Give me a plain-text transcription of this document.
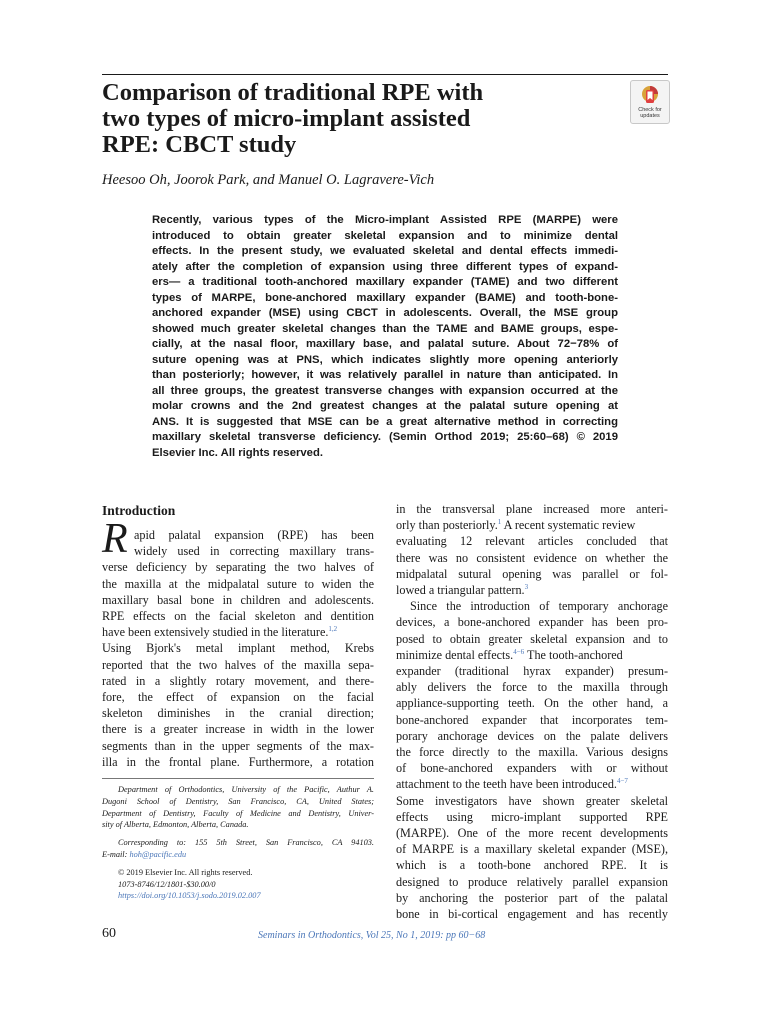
Comparison of traditional RPE with
two types of micro-implant assisted
RPE: CBCT study
Check for
updates
Heesoo Oh, Joorok Park, and Manuel O. Lagravere-Vich
Recently, various types of the Micro-implant Assisted RPE (MARPE) were
introduced to obtain greater skeletal expansion and to minimize dental
effects. In the present study, we evaluated skeletal and dental effects immedi-
ately after the completion of expansion using three different types of expand-
ers— a traditional tooth-anchored maxillary expander (TAME) and two different
types of MARPE, bone-anchored maxillary expander (BAME) and tooth-bone-
anchored expander (MSE) using CBCT in adolescents. Overall, the MSE group
showed much greater skeletal changes than the TAME and BAME groups, espe-
cially, at the nasal floor, maxillary base, and palatal suture. About 72−78% of
suture opening was at PNS, which indicates slightly more opening anteriorly
than posteriorly; however, it was relatively parallel in nature than anticipated. In
all three groups, the greatest transverse changes with expansion occurred at the
molar crowns and the 2nd greatest changes at the palatal suture opening at
ANS. It is suggested that MSE can be a great alternative method in correcting
maxillary skeletal transverse deficiency. (Semin Orthod 2019; 25:60–68) © 2019
Elsevier Inc. All rights reserved.
Introduction
R apid palatal expansion (RPE) has been
widely used in correcting maxillary trans-
verse deficiency by separating the two halves of
the maxilla at the midpalatal suture to widen the
maxillary basal bone in children and adolescents.
RPE effects on the facial skeleton and dentition
have been extensively studied in the literature.$^{1,2}$
Using Bjork's metal implant method, Krebs
reported that the two halves of the maxilla sepa-
rated in a slightly rotary movement, and there-
fore, the effect of expansion on the facial
skeleton diminishes in the cranial direction;
there is a greater increase in width in the lower
segments than in the upper segments of the max-
illa in the frontal plane. Furthermore, a rotation
in the transversal plane increased more anteri-
orly than posteriorly.$^1$ A recent systematic review
evaluating 12 relevant articles concluded that
there was no consistent evidence on whether the
midpalatal sutural opening was parallel or fol-
lowed a triangular pattern.$^3$
Since the introduction of temporary anchorage
devices, a bone-anchored expander has been pro-
posed to obtain greater skeletal expansion and to
minimize dental effects.$^{4-6}$ The tooth-anchored
expander (traditional hyrax expander) presum-
ably delivers the force to the maxilla through
appliance-supporting teeth. On the other hand, a
bone-anchored expander that incorporates tem-
porary anchorage devices on the palate delivers
the force directly to the maxilla. Various designs
of bone-anchored expanders with or without
attachment to the teeth have been introduced.$^{4-7}$
Some investigators have shown greater skeletal
effects using micro-implant supported RPE
(MARPE). One of the more recent developments
of MARPE is a maxillary skeletal expander (MSE),
which is a tooth-bone anchored RPE. It is
designed to produce relatively parallel expansion
by anchoring the posterior part of the palatal
bone in bi-cortical engagement and has recently
Department of Orthodontics, University of the Pacific, Authur A.
Dugoni School of Dentistry, San Francisco, CA, United States;
Department of Dentistry, Faculty of Medicine and Dentistry, Univer-
sity of Alberta, Edmonton, Alberta, Canada.
Corresponding to: 155 5th Street, San Francisco, CA 94103.
E-mail: hoh@pacific.edu
© 2019 Elsevier Inc. All rights reserved.
1073-8746/12/1801-$30.00/0
https://doi.org/10.1053/j.sodo.2019.02.007
60	Seminars in Orthodontics, Vol 25, No 1, 2019: pp 60−68
